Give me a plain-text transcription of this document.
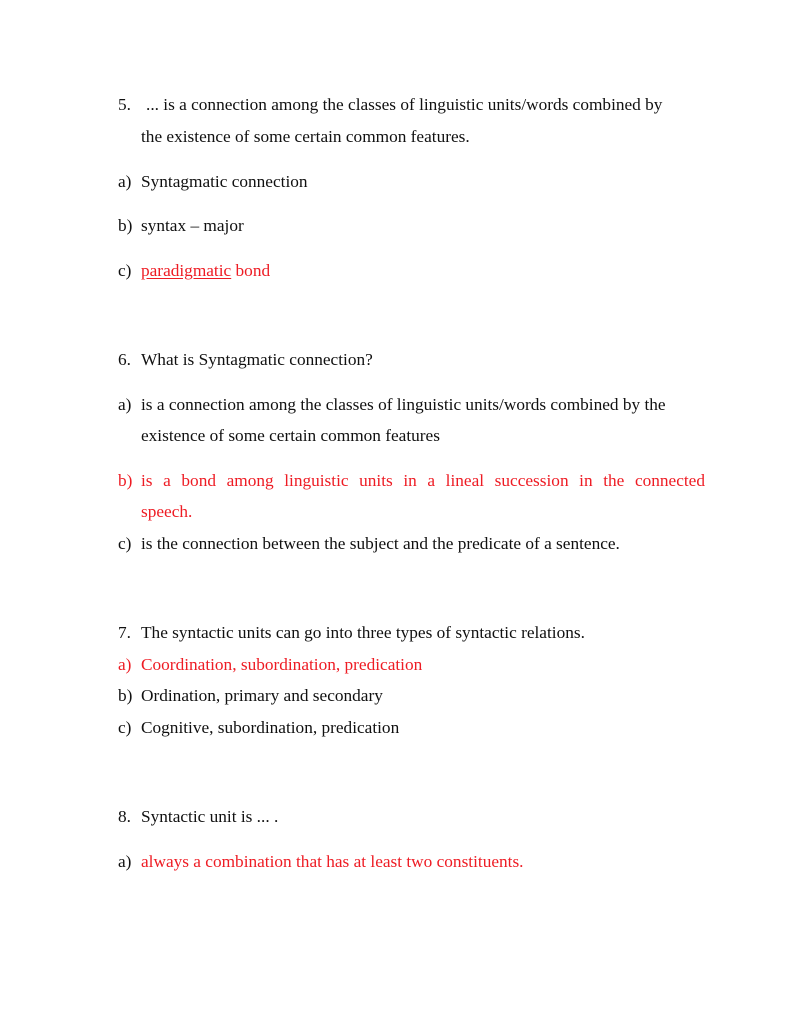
5. ... is a connection among the classes of linguistic units/words combined by
the existence of some certain common features.
a) Syntagmatic connection
b) syntax – major
c) paradigmatic bond
6. What is Syntagmatic connection?
a) is a connection among the classes of linguistic units/words combined by the
existence of some certain common features
b) is a bond among linguistic units in a lineal succession in the connected
speech.
c) is the connection between the subject and the predicate of a sentence.
7. The syntactic units can go into three types of syntactic relations.
a) Coordination, subordination, predication
b) Ordination, primary and secondary
c) Cognitive, subordination, predication
8. Syntactic unit is ... .
a) always a combination that has at least two constituents.
